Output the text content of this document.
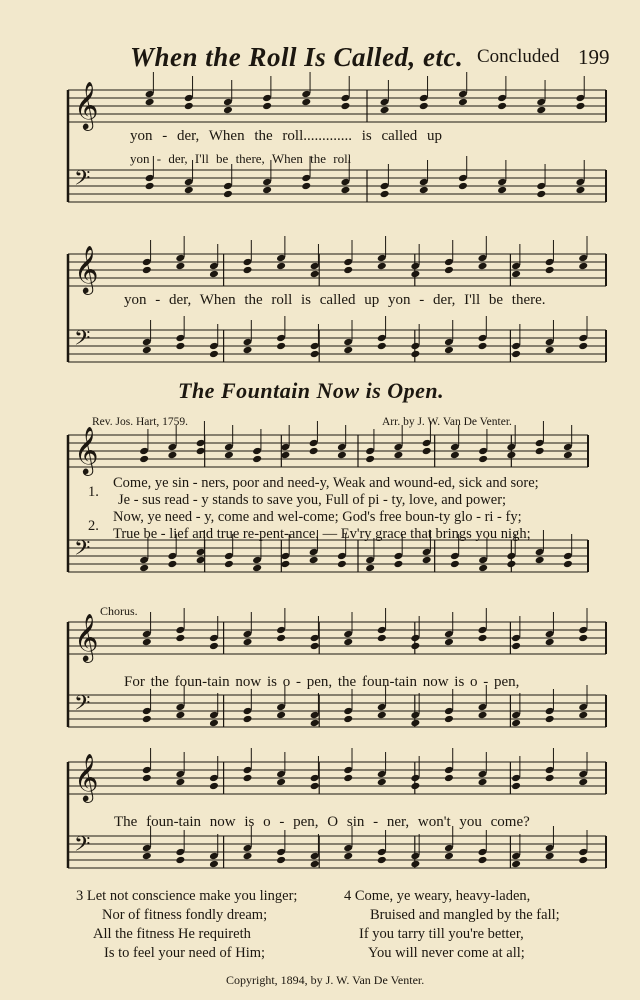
𝄞
𝄢
𝄞
𝄢
𝄞
𝄢
𝄞
𝄢
𝄞
𝄢
When the Roll Is Called, etc. Concluded 199
yon - der, When the roll............. is called up
yon - der, I'll be there, When the roll
yon - der, When the roll is called up yon - der, I'll be there.
The Fountain Now is Open.
Rev. Jos. Hart, 1759.	Arr. by J. W. Van De Venter.
1.
2.
Come, ye sin - ners, poor and need-y, Weak and wound-ed, sick and sore;
Je - sus read - y stands to save you, Full of pi - ty, love, and power;
Now, ye need - y, come and wel-come; God's free boun-ty glo - ri - fy;
True be - lief and true re-pent-ance, — Ev'ry grace that brings you nigh;
Chorus.
For the foun-tain now is o - pen, the foun-tain now is o - pen,
The foun-tain now is o - pen, O sin - ner, won't you come?
3 Let not conscience make you linger;
Nor of fitness fondly dream;
All the fitness He requireth
Is to feel your need of Him;
4 Come, ye weary, heavy-laden,
Bruised and mangled by the fall;
If you tarry till you're better,
You will never come at all;
Copyright, 1894, by J. W. Van De Venter.
